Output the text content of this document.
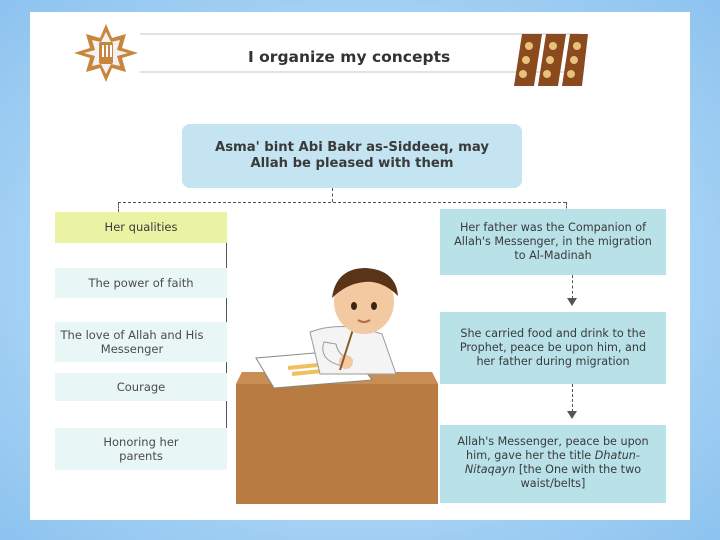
I organize my concepts
Asma' bint Abi Bakr as-Siddeeq, may Allah be pleased with them
Her qualities
The power of faith
The love of Allah and His Messenger
Courage
Honoring her parents
Her father was the Companion of Allah's Messenger, in the migration to Al-Madinah
She carried food and drink to the Prophet, peace be upon him, and her father during migration
Allah's Messenger, peace be upon him, gave her the title Dhatun-Nitaqayn [the One with the two waist/belts]
